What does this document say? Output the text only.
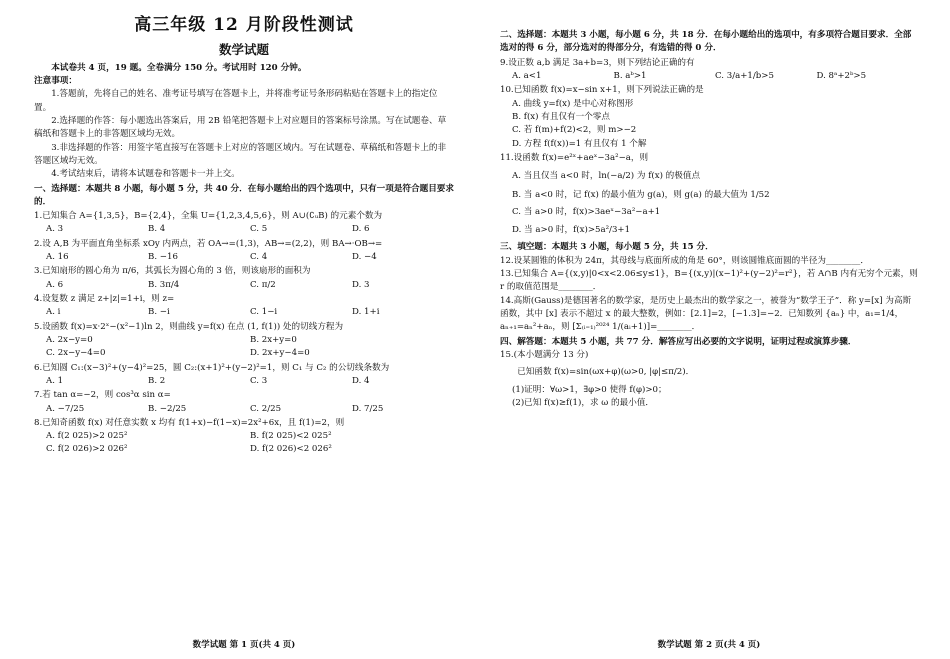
高三年级 12 月阶段性测试
数学试题
本试卷共 4 页，19 题。全卷满分 150 分。考试用时 120 分钟。
注意事项：
1.答题前，先将自己的姓名、准考证号填写在答题卡上，并将准考证号条形码粘贴在答题卡上的指定位置。
2.选择题的作答：每小题选出答案后，用 2B 铅笔把答题卡上对应题目的答案标号涂黑。写在试题卷、草稿纸和答题卡上的非答题区域均无效。
3.非选择题的作答：用签字笔直接写在答题卡上对应的答题区域内。写在试题卷、草稿纸和答题卡上的非答题区域均无效。
4.考试结束后，请将本试题卷和答题卡一并上交。
一、选择题：本题共 8 小题，每小题 5 分，共 40 分．在每小题给出的四个选项中，只有一项是符合题目要求的．
1.已知集合 A={1,3,5}，B={2,4}，全集 U={1,2,3,4,5,6}，则 A∪(∁ᵤB) 的元素个数为
A. 3	B. 4	C. 5	D. 6
2.设 A,B 为平面直角坐标系 xOy 内两点，若 OA→=(1,3)，AB→=(2,2)，则 BA→·OB→=
A. 16	B. −16	C. 4	D. −4
3.已知扇形的圆心角为 π/6，其弧长为圆心角的 3 倍，则该扇形的面积为
A. 6	B. 3π/4	C. π/2	D. 3
4.设复数 z 满足 z+|z|=1+i，则 z=
A. i	B. −i	C. 1−i	D. 1+i
5.设函数 f(x)=x·2ˣ−(x²−1)ln 2，则曲线 y=f(x) 在点 (1, f(1)) 处的切线方程为
A. 2x−y=0	B. 2x+y=0
C. 2x−y−4=0	D. 2x+y−4=0
6.已知圆 C₁:(x−3)²+(y−4)²=25，圆 C₂:(x+1)²+(y−2)²=1，则 C₁ 与 C₂ 的公切线条数为
A. 1	B. 2	C. 3	D. 4
7.若 tan α=−2，则 cos³α sin α=
A. −7/25	B. −2/25	C. 2/25	D. 7/25
8.已知奇函数 f(x) 对任意实数 x 均有 f(1+x)−f(1−x)=2x²+6x，且 f(1)=2，则
A. f(2 025)>2 025²	B. f(2 025)<2 025²
C. f(2 026)>2 026²	D. f(2 026)<2 026²
数学试题 第 1 页(共 4 页)
二、选择题：本题共 3 小题，每小题 6 分，共 18 分．在每小题给出的选项中，有多项符合题目要求．全部选对的得 6 分，部分选对的得部分分，有选错的得 0 分．
9.设正数 a,b 满足 3a+b=3，则下列结论正确的有
A. a<1	B. aᵇ>1	C. 3/a+1/b>5	D. 8ᵃ+2ᵇ>5
10.已知函数 f(x)=x−sin x+1，则下列说法正确的是
A. 曲线 y=f(x) 是中心对称图形
B. f(x) 有且仅有一个零点
C. 若 f(m)+f(2)<2，则 m>−2
D. 方程 f(f(x))=1 有且仅有 1 个解
11.设函数 f(x)=e²ˣ+aeˣ−3a²−a，则
A. 当且仅当 a<0 时，ln(−a/2) 为 f(x) 的极值点
B. 当 a<0 时，记 f(x) 的最小值为 g(a)，则 g(a) 的最大值为 1/52
C. 当 a>0 时，f(x)>3aeˣ−3a²−a+1
D. 当 a>0 时，f(x)>5a²/3+1
三、填空题：本题共 3 小题，每小题 5 分，共 15 分．
12.设某圆锥的体积为 24π，其母线与底面所成的角是 60°，则该圆锥底面圆的半径为________．
13.已知集合 A={(x,y)|0<x<2.06≤y≤1}，B={(x,y)|(x−1)²+(y−2)²=r²}，若 A∩B 内有无穷个元素，则 r 的取值范围是________．
14.高斯(Gauss)是德国著名的数学家，是历史上最杰出的数学家之一，被誉为“数学王子”．称 y=[x] 为高斯函数，其中 [x] 表示不超过 x 的最大整数，例如：[2.1]=2，[−1.3]=−2．已知数列 {aₙ} 中，a₁=1/4，aₙ₊₁=aₙ²+aₙ，则 [Σ₍ᵢ₌₁₎²⁰²⁴ 1/(aᵢ+1)]=________．
四、解答题：本题共 5 小题，共 77 分．解答应写出必要的文字说明，证明过程或演算步骤．
15.(本小题满分 13 分)
已知函数 f(x)=sin(ωx+φ)(ω>0, |φ|≤π/2)．
(1)证明：∀ω>1，∃φ>0 使得 f(φ)>0；
(2)已知 f(x)≥f(1)，求 ω 的最小值．
数学试题 第 2 页(共 4 页)
